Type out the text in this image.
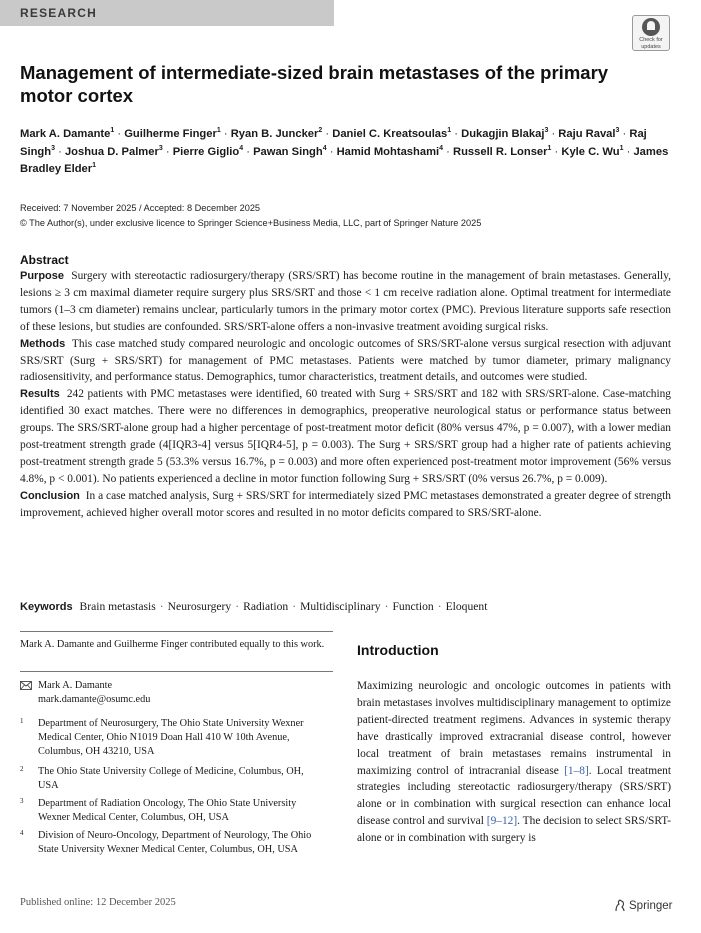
RESEARCH
Check for
updates
Management of intermediate-sized brain metastases of the primary motor cortex
Mark A. Damante$^1$ · Guilherme Finger$^1$ · Ryan B. Juncker$^2$ · Daniel C. Kreatsoulas$^1$ · Dukagjin Blakaj$^3$ · Raju Raval$^3$ · Raj Singh$^3$ · Joshua D. Palmer$^3$ · Pierre Giglio$^4$ · Pawan Singh$^4$ · Hamid Mohtashami$^4$ · Russell R. Lonser$^1$ · Kyle C. $Wu^1$ · James Bradley Elder$^1$
Received: 7 November 2025 / Accepted: 8 December 2025
© The Author(s), under exclusive licence to Springer Science+Business Media, LLC, part of Springer Nature 2025
Abstract

Purpose Surgery with stereotactic radiosurgery/therapy (SRS/SRT) has become routine in the management of brain metastases. Generally, lesions ≥ 3 cm maximal diameter require surgery plus SRS/SRT and those < 1 cm receive radiation alone. Optimal treatment for intermediate tumors (1–3 cm diameter) remains unclear, particularly tumors in the primary motor cortex (PMC). Previous literature supports safe resection of these lesions, but studies are confounded. SRS/SRT-alone offers a non-invasive treatment avoiding surgical risks.

Methods This case matched study compared neurologic and oncologic outcomes of SRS/SRT-alone versus surgical resection with adjuvant SRS/SRT (Surg + SRS/SRT) for management of PMC metastases. Patients were matched by tumor diameter, primary malignancy radiosensitivity, and performance status. Demographics, tumor characteristics, treatment details, and outcomes were studied.

Results 242 patients with PMC metastases were identified, 60 treated with Surg + SRS/SRT and 182 with SRS/SRT-alone. Case-matching identified 30 exact matches. There were no differences in demographics, preoperative neurological status or performance status between groups. The SRS/SRT-alone group had a higher percentage of post-treatment motor deficit (80% versus 47%, p = 0.007), with a lower median post-treatment strength grade (4[IQR3-4] versus 5[IQR4-5], p = 0.003). The Surg + SRS/SRT group had a higher rate of patients achieving post-treatment strength grade 5 (53.3% versus 16.7%, p = 0.003) and more often experienced post-treatment motor improvement (56% versus 4.8%, p < 0.001). No patients experienced a decline in motor function following Surg + SRS/SRT (0% versus 26.7%, p = 0.009).

Conclusion In a case matched analysis, Surg + SRS/SRT for intermediately sized PMC metastases demonstrated a greater degree of strength improvement, achieved higher overall motor scores and resulted in no motor deficits compared to SRS/SRT-alone.

Keywords Brain metastasis · Neurosurgery · Radiation · Multidisciplinary · Function · Eloquent
Mark A. Damante and Guilherme Finger contributed equally to this work.
Mark A. Damante
mark.damante@osumc.edu
1 Department of Neurosurgery, The Ohio State University Wexner Medical Center, Ohio N1019 Doan Hall 410 W 10th Avenue, Columbus, OH 43210, USA
2 The Ohio State University College of Medicine, Columbus, OH, USA
3 Department of Radiation Oncology, The Ohio State University Wexner Medical Center, Columbus, OH, USA
4 Division of Neuro-Oncology, Department of Neurology, The Ohio State University Wexner Medical Center, Columbus, OH, USA
Introduction

Maximizing neurologic and oncologic outcomes in patients with brain metastases involves multidisciplinary management to optimize patient-directed treatment regimens. Advances in systemic therapy have drastically improved extracranial disease control, however local treatment of brain metastases remains instrumental in maximizing control of intracranial disease [1–8]. Local treatment strategies including stereotactic radiosurgery/therapy (SRS/SRT) alone or in combination with surgical resection can enhance local disease control and survival [9–12]. The decision to select SRS/SRT-alone or in combination with surgery is

Published online: 12 December 2025	Springer
